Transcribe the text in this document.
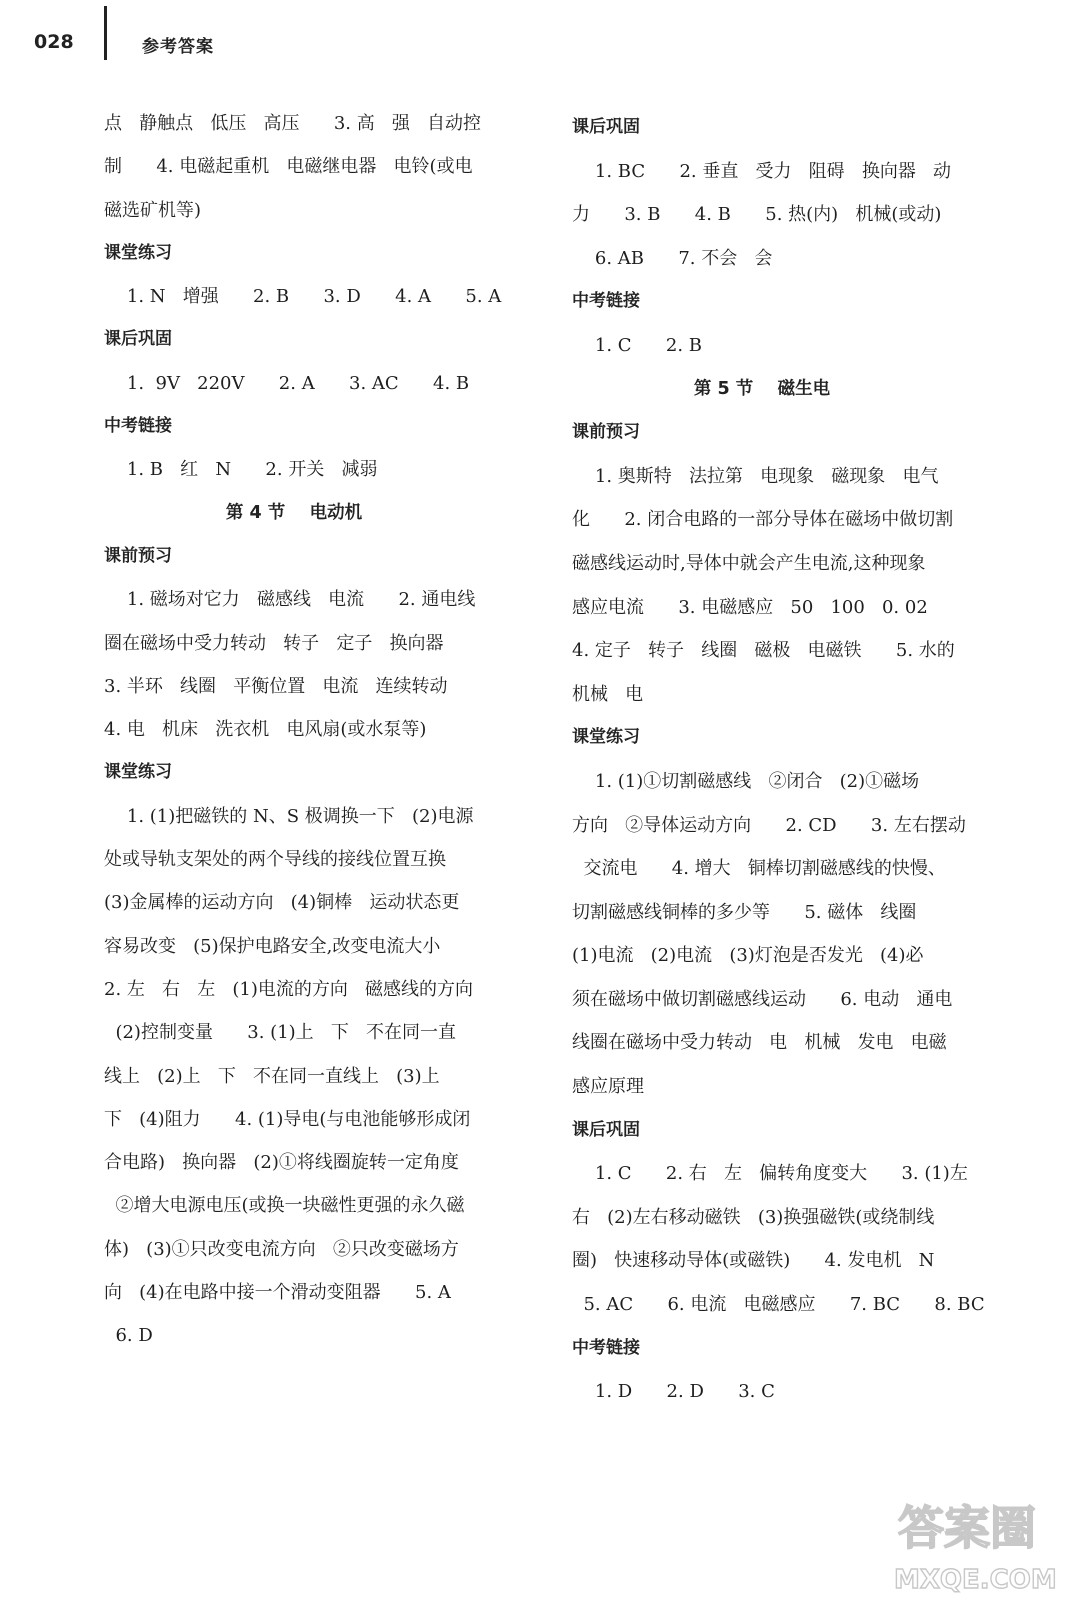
028	参考答案
点   静触点   低压   高压      3. 高   强   自动控
制      4. 电磁起重机   电磁继电器   电铃(或电
磁选矿机等)
课堂练习
1. N   增强      2. B      3. D      4. A      5. A
课后巩固
1.  9V   220V      2. A      3. AC      4. B
中考链接
1. B   红   N      2. 开关   减弱
第 4 节    电动机
课前预习
1. 磁场对它力   磁感线   电流      2. 通电线
圈在磁场中受力转动   转子   定子   换向器
3. 半环   线圈   平衡位置   电流   连续转动
4. 电   机床   洗衣机   电风扇(或水泵等)
课堂练习
1. (1)把磁铁的 N、S 极调换一下   (2)电源
处或导轨支架处的两个导线的接线位置互换
(3)金属棒的运动方向   (4)铜棒   运动状态更
容易改变   (5)保护电路安全,改变电流大小
2. 左   右   左   (1)电流的方向   磁感线的方向
(2)控制变量      3. (1)上   下   不在同一直
线上   (2)上   下   不在同一直线上   (3)上
下   (4)阻力      4. (1)导电(与电池能够形成闭
合电路)   换向器   (2)①将线圈旋转一定角度
②增大电源电压(或换一块磁性更强的永久磁
体)   (3)①只改变电流方向   ②只改变磁场方
向   (4)在电路中接一个滑动变阻器      5. A
6. D
课后巩固
1. BC      2. 垂直   受力   阻碍   换向器   动
力      3. B      4. B      5. 热(内)   机械(或动)
6. AB      7. 不会   会
中考链接
1. C      2. B
第 5 节    磁生电
课前预习
1. 奥斯特   法拉第   电现象   磁现象   电气
化      2. 闭合电路的一部分导体在磁场中做切割
磁感线运动时,导体中就会产生电流,这种现象
感应电流      3. 电磁感应   50   100   0. 02
4. 定子   转子   线圈   磁极   电磁铁      5. 水的
机械   电
课堂练习
1. (1)①切割磁感线   ②闭合   (2)①磁场
方向   ②导体运动方向      2. CD      3. 左右摆动
交流电      4. 增大   铜棒切割磁感线的快慢、
切割磁感线铜棒的多少等      5. 磁体   线圈
(1)电流   (2)电流   (3)灯泡是否发光   (4)必
须在磁场中做切割磁感线运动      6. 电动   通电
线圈在磁场中受力转动   电   机械   发电   电磁
感应原理
课后巩固
1. C      2. 右   左   偏转角度变大      3. (1)左
右   (2)左右移动磁铁   (3)换强磁铁(或绕制线
圈)   快速移动导体(或磁铁)      4. 发电机   N
5. AC      6. 电流   电磁感应      7. BC      8. BC
中考链接
1. D      2. D      3. C
答案圈
MXQE.COM
